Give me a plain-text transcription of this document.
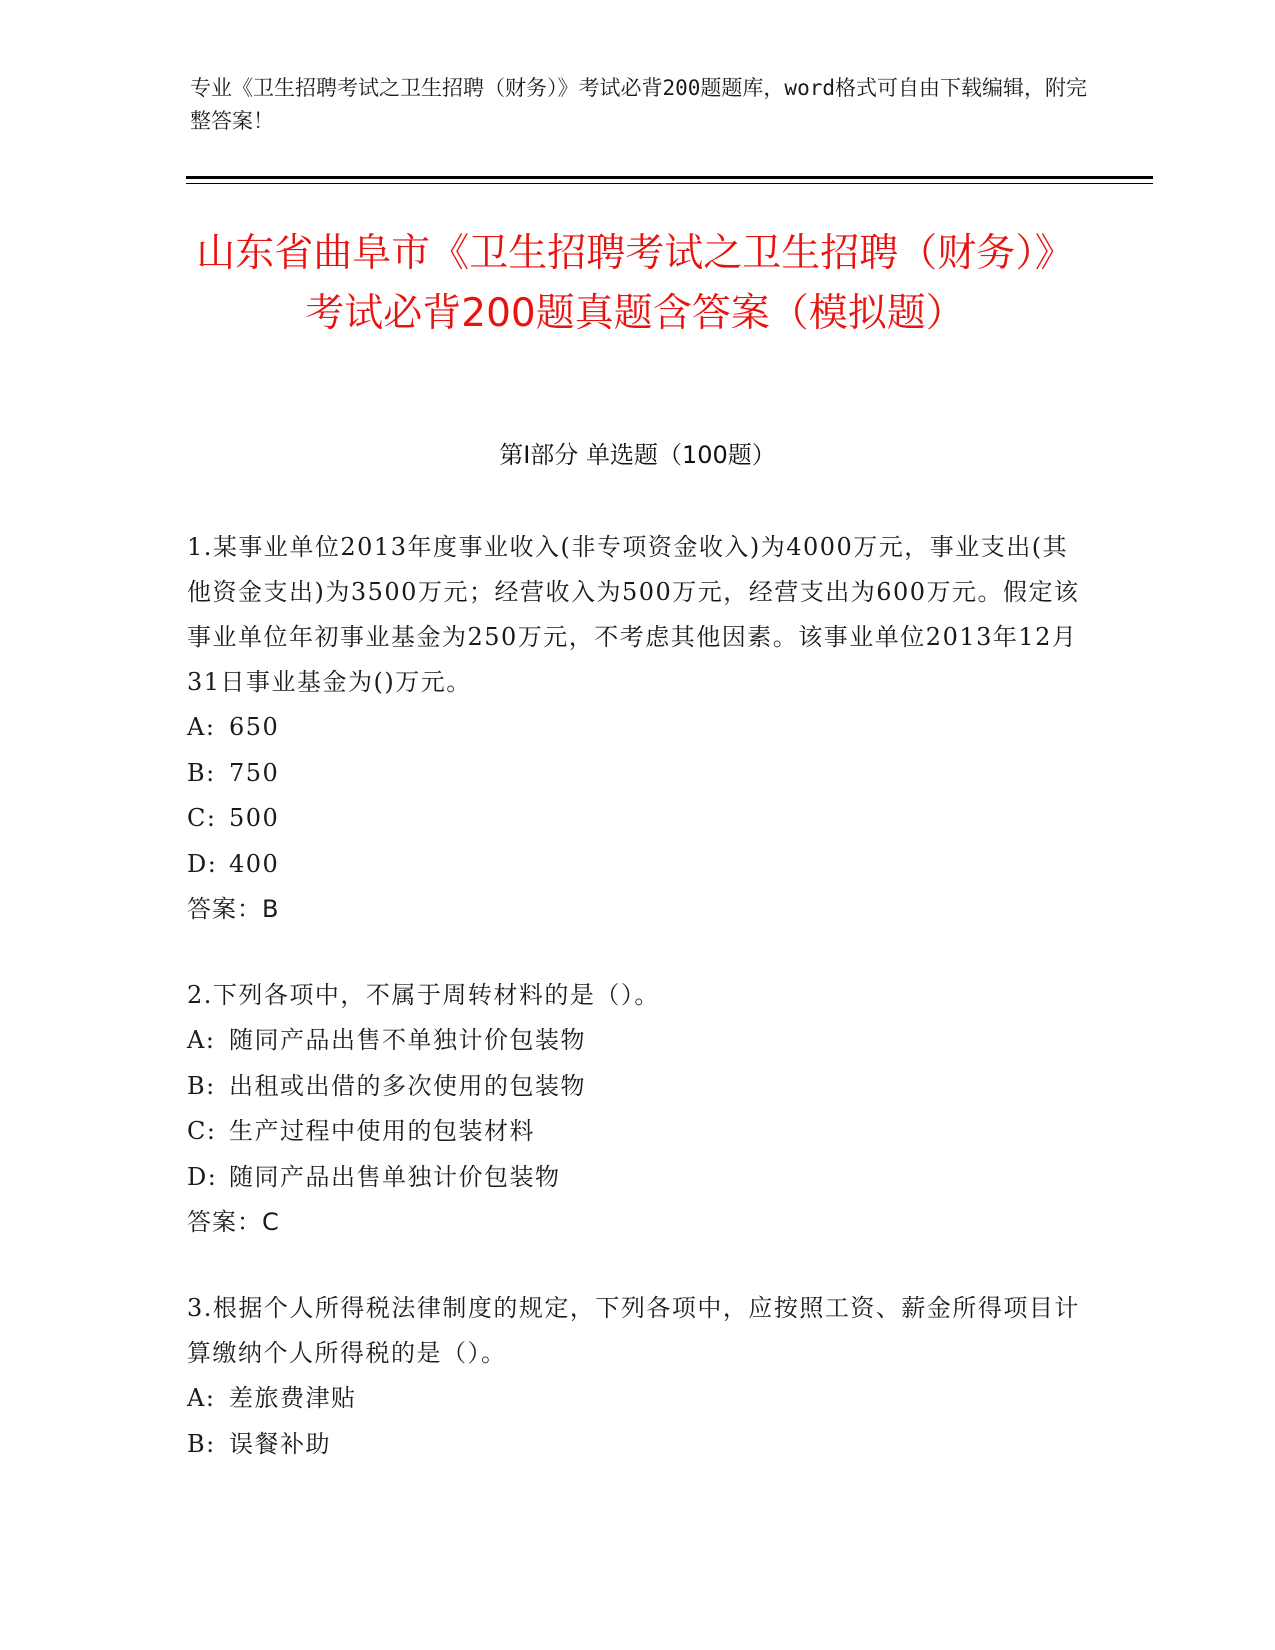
专业《卫生招聘考试之卫生招聘（财务）》考试必背200题题库，word格式可自由下载编辑，附完整答案！
山东省曲阜市《卫生招聘考试之卫生招聘（财务）》考试必背200题真题含答案（模拟题）
第I部分 单选题（100题）

1.某事业单位2013年度事业收入(非专项资金收入)为4000万元，事业支出(其他资金支出)为3500万元；经营收入为500万元，经营支出为600万元。假定该事业单位年初事业基金为250万元，不考虑其他因素。该事业单位2013年12月31日事业基金为()万元。

A: 650
B: 750
C: 500
D: 400
答案：B

2.下列各项中，不属于周转材料的是（）。

A: 随同产品出售不单独计价包装物
B: 出租或出借的多次使用的包装物
C: 生产过程中使用的包装材料
D: 随同产品出售单独计价包装物
答案：C

3.根据个人所得税法律制度的规定，下列各项中，应按照工资、薪金所得项目计算缴纳个人所得税的是（）。

A: 差旅费津贴
B: 误餐补助
